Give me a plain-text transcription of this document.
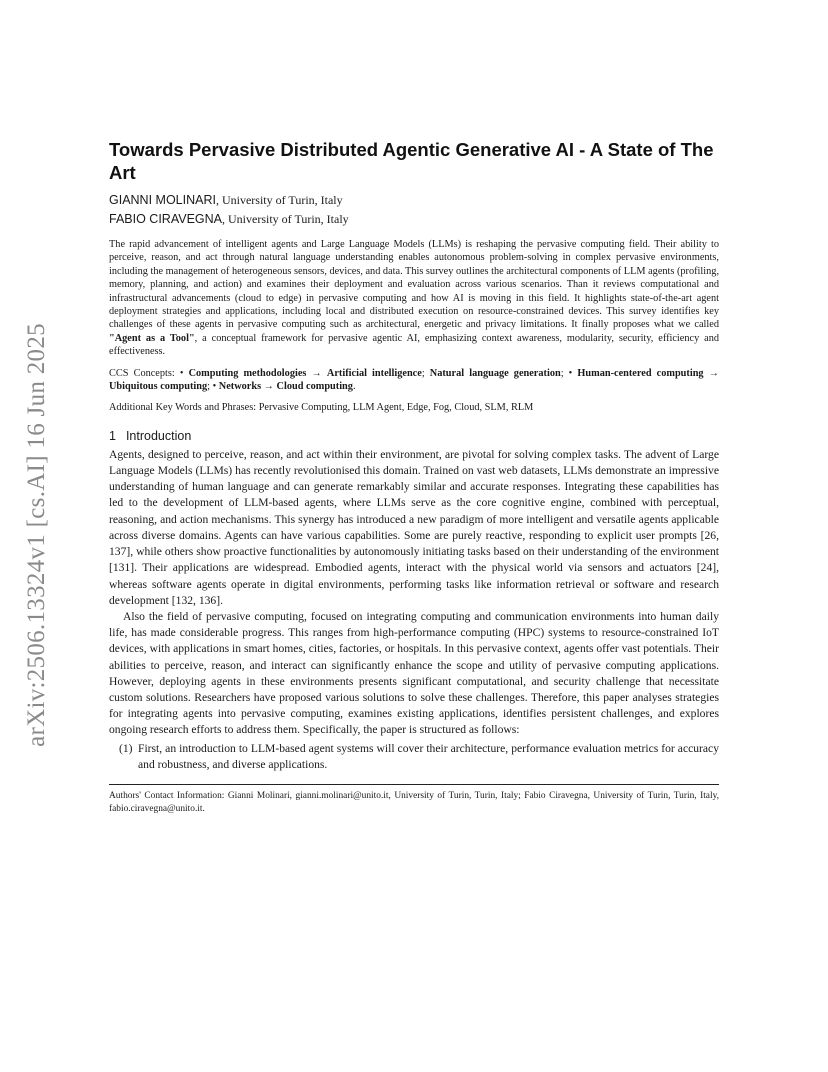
arXiv:2506.13324v1 [cs.AI] 16 Jun 2025
Towards Pervasive Distributed Agentic Generative AI - A State of The Art
GIANNI MOLINARI, University of Turin, Italy
FABIO CIRAVEGNA, University of Turin, Italy

The rapid advancement of intelligent agents and Large Language Models (LLMs) is reshaping the pervasive computing field. Their ability to perceive, reason, and act through natural language understanding enables autonomous problem-solving in complex pervasive environments, including the management of heterogeneous sensors, devices, and data. This survey outlines the architectural components of LLM agents (profiling, memory, planning, and action) and examines their deployment and evaluation across various scenarios. Than it reviews computational and infrastructural advancements (cloud to edge) in pervasive computing and how AI is moving in this field. It highlights state-of-the-art agent deployment strategies and applications, including local and distributed execution on resource-constrained devices. This survey identifies key challenges of these agents in pervasive computing such as architectural, energetic and privacy limitations. It finally proposes what we called "Agent as a Tool", a conceptual framework for pervasive agentic AI, emphasizing context awareness, modularity, security, efficiency and effectiveness.

CCS Concepts: • Computing methodologies → Artificial intelligence; Natural language generation; • Human-centered computing → Ubiquitous computing; • Networks → Cloud computing.

Additional Key Words and Phrases: Pervasive Computing, LLM Agent, Edge, Fog, Cloud, SLM, RLM

1 Introduction

Agents, designed to perceive, reason, and act within their environment, are pivotal for solving complex tasks. The advent of Large Language Models (LLMs) has recently revolutionised this domain. Trained on vast web datasets, LLMs demonstrate an impressive understanding of human language and can generate remarkably similar and accurate responses. Integrating these capabilities has led to the development of LLM-based agents, where LLMs serve as the core cognitive engine, combined with perceptual, reasoning, and action mechanisms. This synergy has introduced a new paradigm of more intelligent and versatile agents applicable across diverse domains. Agents can have various capabilities. Some are purely reactive, responding to explicit user prompts [26, 137], while others show proactive functionalities by autonomously initiating tasks based on their understanding of the environment [131]. Their applications are widespread. Embodied agents, interact with the physical world via sensors and actuators [24], whereas software agents operate in digital environments, performing tasks like information retrieval or software and research development [132, 136].

Also the field of pervasive computing, focused on integrating computing and communication environments into human daily life, has made considerable progress. This ranges from high-performance computing (HPC) systems to resource-constrained IoT devices, with applications in smart homes, cities, factories, or hospitals. In this pervasive context, agents offer vast potentials. Their abilities to perceive, reason, and interact can significantly enhance the scope and utility of pervasive computing applications. However, deploying agents in these environments presents significant computational, and security challenge that necessitate custom solutions. Researchers have proposed various solutions to solve these challenges. Therefore, this paper analyses strategies for integrating agents into pervasive computing, examines existing applications, identifies persistent challenges, and explores ongoing research efforts to address them. Specifically, the paper is structured as follows:

(1) First, an introduction to LLM-based agent systems will cover their architecture, performance evaluation metrics for accuracy and robustness, and diverse applications.

Authors' Contact Information: Gianni Molinari, gianni.molinari@unito.it, University of Turin, Turin, Italy; Fabio Ciravegna, University of Turin, Turin, Italy, fabio.ciravegna@unito.it.
